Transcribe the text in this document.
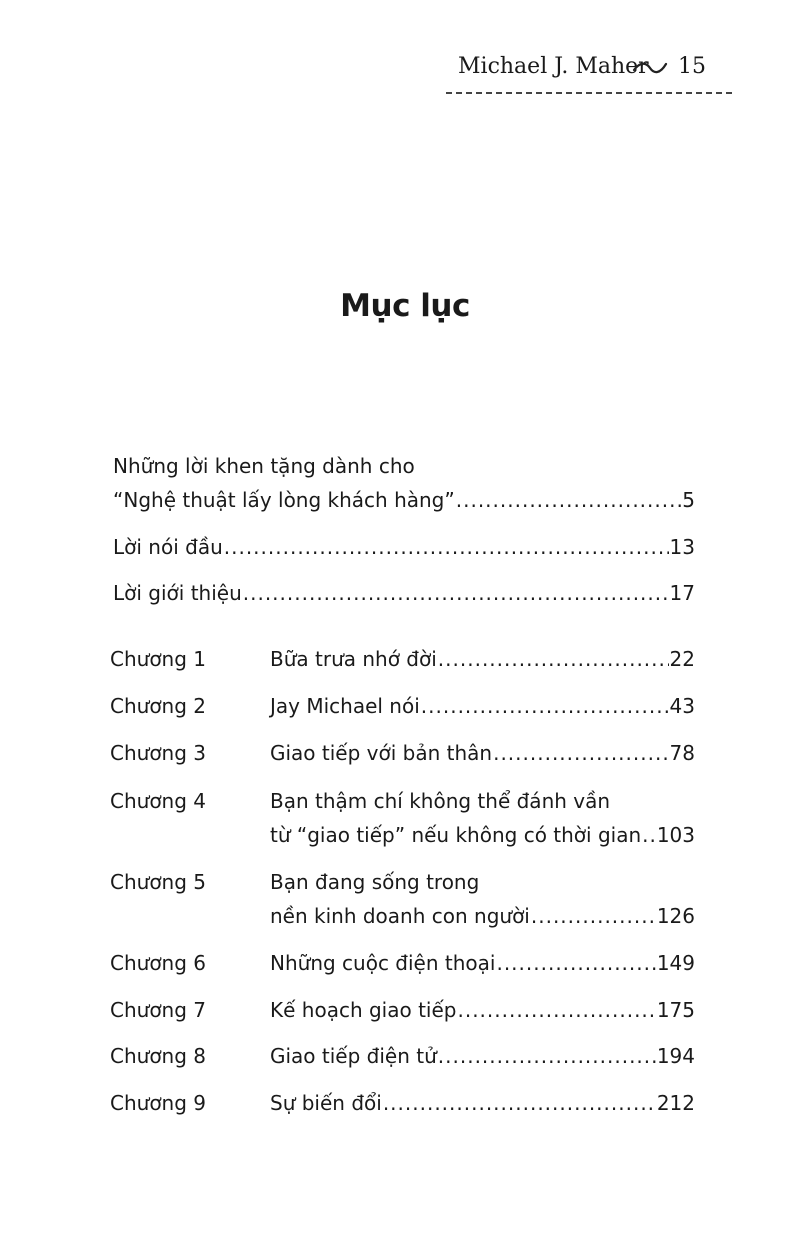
Michael J. Maher 15
Mục lục
Những lời khen tặng dành cho
“Nghệ thuật lấy lòng khách hàng” .....	5
Lời nói đầu .....	13
Lời giới thiệu .....	17
Chương 1	Bữa trưa nhớ đời .....	22
Chương 2	Jay Michael nói .....	43
Chương 3	Giao tiếp với bản thân .....	78
Chương 4	Bạn thậm chí không thể đánh vần
từ “giao tiếp” nếu không có thời gian ..... 103
Chương 5	Bạn đang sống trong
nền kinh doanh con người .....	126
Chương 6	Những cuộc điện thoại .....	149
Chương 7	Kế hoạch giao tiếp .....	175
Chương 8	Giao tiếp điện tử .....	194
Chương 9	Sự biến đổi .....	212
